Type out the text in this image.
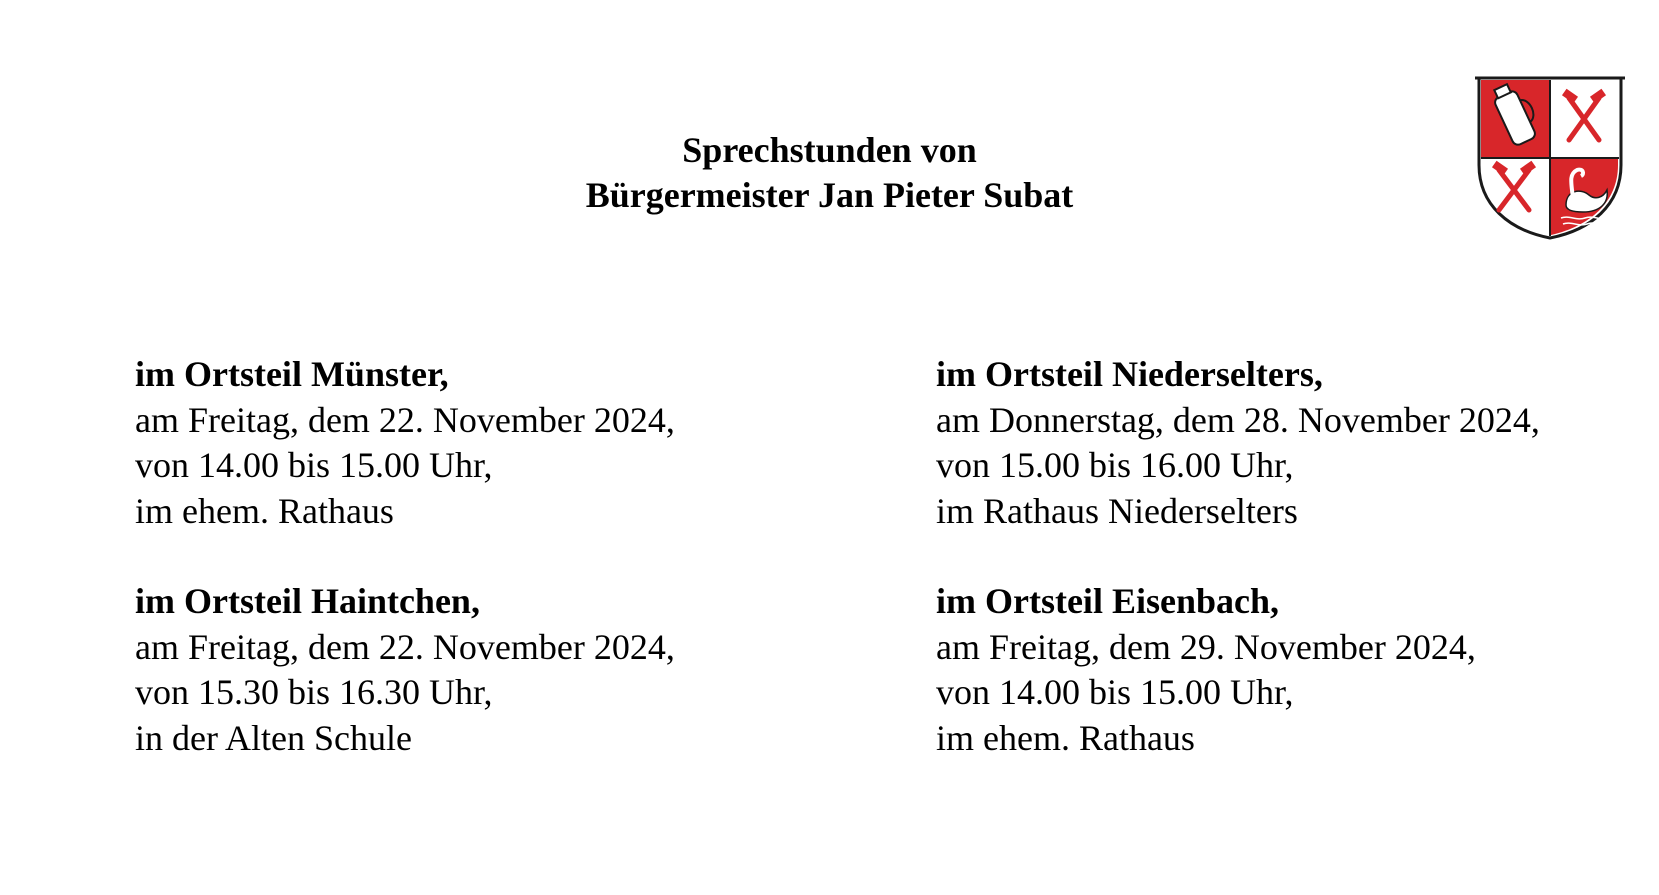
Sprechstunden von
Bürgermeister Jan Pieter Subat
im Ortsteil Münster,
am Freitag, dem 22. November 2024,
von 14.00 bis 15.00 Uhr,
im ehem. Rathaus
im Ortsteil Niederselters,
am Donnerstag, dem 28. November 2024,
von 15.00 bis 16.00 Uhr,
im Rathaus Niederselters
im Ortsteil Haintchen,
am Freitag, dem 22. November 2024,
von 15.30 bis 16.30 Uhr,
in der Alten Schule
im Ortsteil Eisenbach,
am Freitag, dem 29. November 2024,
von 14.00 bis 15.00 Uhr,
im ehem. Rathaus
